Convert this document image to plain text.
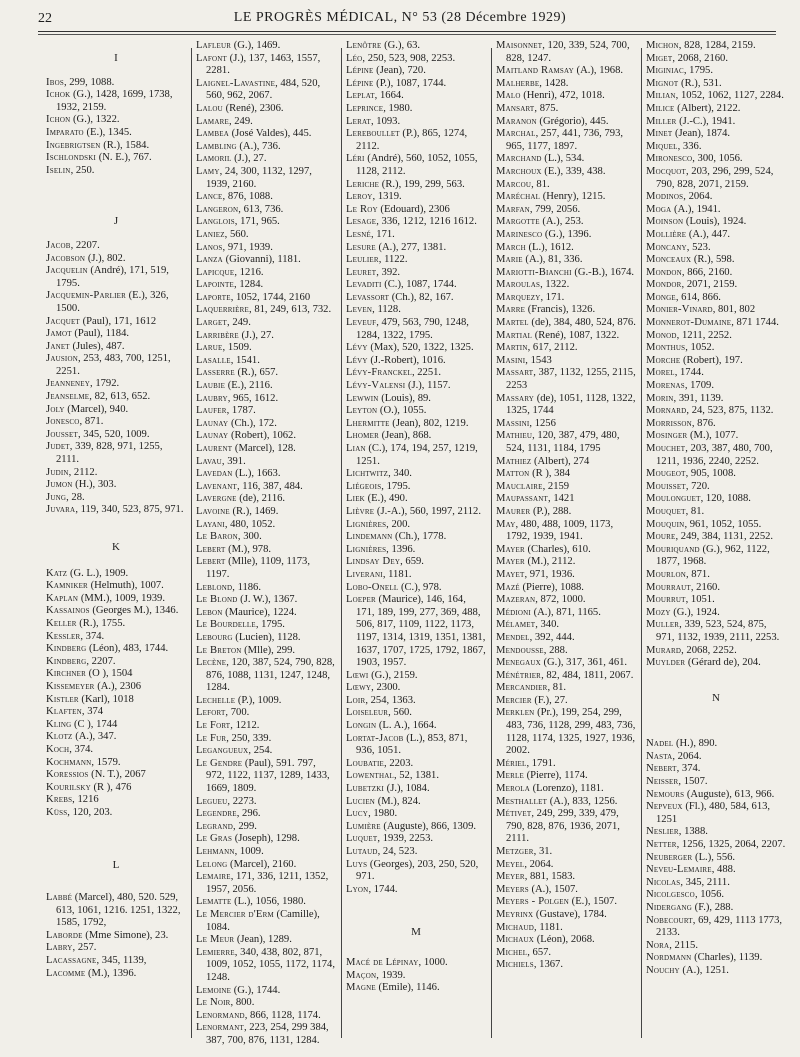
22	LE PROGRÈS MÉDICAL, N° 53 (28 Décembre 1929)

I

Ibos, 299, 1088.

Ichok (G.), 1428, 1699, 1738, 1932, 2159.

Ichon (G.), 1322.

Imparato (E.), 1345.

Ingebrigtsen (R.), 1584.

Ischlondski (N. E.), 767.

Iselin, 250.

J

Jacob, 2207.

Jacobson (J.), 802.

Jacquelin (André), 171, 519, 1795.

Jacquemin-Parlier (E.), 326, 1500.

Jacquet (Paul), 171, 1612

Jamot (Paul), 1184.

Janet (Jules), 487.

Jausion, 253, 483, 700, 1251, 2251.

Jeanneney, 1792.

Jeanselme, 82, 613, 652.

Joly (Marcel), 940.

Jonesco, 871.

Jousset, 345, 520, 1009.

Judet, 339, 828, 971, 1255, 2111.

Judin, 2112.

Jumon (H.), 303.

Jung, 28.

Juvara, 119, 340, 523, 875, 971.

K

Katz (G. L.), 1909.

Kamniker (Helmuth), 1007.

Kaplan (MM.), 1009, 1939.

Kassainos (Georges M.), 1346.

Keller (R.), 1755.

Kessler, 374.

Kindberg (Léon), 483, 1744.

Kindberg, 2207.

Kirchner (O ), 1504

Kissemeyer (A.), 2306

Kistler (Karl), 1018

Klaften, 374

Kling (C ), 1744

Klotz (A.), 347.

Koch, 374.

Kochmann, 1579.

Koressios (N. T.), 2067

Kourilsky (R ), 476

Krebs, 1216

Küss, 120, 203.

L

Labbé (Marcel), 480, 520. 529, 613, 1061, 1216. 1251, 1322, 1585, 1792,

Laborde (Mme Simone), 23.

Labry, 257.

Lacassagne, 345, 1139,

Lacomme (M.), 1396.

Lafleur (G.), 1469.

Lafont (J.), 137, 1463, 1557, 2281.

Laignel-Lavastine, 484, 520, 560, 962, 2067.

Lalou (René), 2306.

Lamare, 249.

Lambea (José Valdes), 445.

Lambling (A.), 736.

Lamoril (J.), 27.

Lamy, 24, 300, 1132, 1297, 1939, 2160.

Lance, 876, 1088.

Langeron, 613, 736.

Langlois, 171, 965.

Laniez, 560.

Lanos, 971, 1939.

Lanza (Giovanni), 1181.

Lapicque, 1216.

Lapointe, 1284.

Laporte, 1052, 1744, 2160

Laquerrière, 81, 249, 613, 732.

Larget, 249.

Larribère (J.), 27.

Larue, 1509.

Lasalle, 1541.

Lasserre (R.), 657.

Laubie (E.), 2116.

Laubry, 965, 1612.

Laufer, 1787.

Launay (Ch.), 172.

Launay (Robert), 1062.

Laurent (Marcel), 128.

Lavau, 391.

Lavedan (L.), 1663.

Lavenant, 116, 387, 484.

Lavergne (de), 2116.

Lavoine (R.), 1469.

Layani, 480, 1052.

Le Baron, 300.

Lebert (M.), 978.

Lebert (Mlle), 1109, 1173, 1197.

Leblond, 1186.

Le Blond (J. W.), 1367.

Lebon (Maurice), 1224.

Le Bourdelle, 1795.

Lebourg (Lucien), 1128.

Le Breton (Mlle), 299.

Lecène, 120, 387, 524, 790, 828, 876, 1088, 1131, 1247, 1248, 1284.

Lechelle (P.), 1009.

Lefort, 700.

Le Fort, 1212.

Le Fur, 250, 339.

Legangueux, 254.

Le Gendre (Paul), 591. 797, 972, 1122, 1137, 1289, 1433, 1669, 1809.

Legueu, 2273.

Legendre, 296.

Legrand, 299.

Le Gras (Joseph), 1298.

Lehmann, 1009.

Lelong (Marcel), 2160.

Lemaire, 171, 336, 1211, 1352, 1957, 2056.

Lematte (L.), 1056, 1980.

Le Mercier d'Erm (Camille), 1084.

Le Meur (Jean), 1289.

Lemierre, 340, 438, 802, 871, 1009, 1052, 1055, 1172, 1174, 1248.

Lemoine (G.), 1744.

Le Noir, 800.

Lenormand, 866, 1128, 1174.

Lenormant, 223, 254, 299 384, 387, 700, 876, 1131, 1284.

Lenôtre (G.), 63.

Léo, 250, 523, 908, 2253.

Lépine (Jean), 720.

Lépine (P.), 1087, 1744.

Leplat, 1664.

Leprince, 1980.

Lerat, 1093.

Lereboullet (P.), 865, 1274, 2112.

Léri (André), 560, 1052, 1055, 1128, 2112.

Leriche (R.), 199, 299, 563.

Leroy, 1319.

Le Roy (Edouard), 2306

Lesage, 336, 1212, 1216 1612.

Lesné, 171.

Lesure (A.), 277, 1381.

Leulier, 1122.

Leuret, 392.

Levaditi (C.), 1087, 1744.

Levassort (Ch.), 82, 167.

Leven, 1128.

Leveuf, 479, 563, 790, 1248, 1284, 1322, 1795.

Lévy (Max), 520, 1322, 1325.

Lévy (J.-Robert), 1016.

Lévy-Franckel, 2251.

Lévy-Valensi (J.), 1157.

Lewwin (Louis), 89.

Leyton (O.), 1055.

Lhermitte (Jean), 802, 1219.

Lhomer (Jean), 868.

Lian (C.), 174, 194, 257, 1219, 1251.

Lichtwitz, 340.

Liégeois, 1795.

Liek (E.), 490.

Lièvre (J.-A.), 560, 1997, 2112.

Lignières, 200.

Lindemann (Ch.), 1778.

Lignières, 1396.

Lindsay Dey, 659.

Liverani, 1181.

Lobo-Onell (C.), 978.

Loeper (Maurice), 146, 164, 171, 189, 199, 277, 369, 488, 506, 817, 1109, 1122, 1173, 1197, 1314, 1319, 1351, 1381, 1637, 1707, 1725, 1792, 1867, 1903, 1957.

Lœwi (G.), 2159.

Lœwy, 2300.

Loir, 254, 1363.

Loiseleur, 560.

Longin (L. A.), 1664.

Lortat-Jacob (L.), 853, 871, 936, 1051.

Loubatie, 2203.

Lowenthal, 52, 1381.

Lubetzki (J.), 1084.

Lucien (M.), 824.

Lucy, 1980.

Lumière (Auguste), 866, 1309.

Luquet, 1939, 2253.

Lutaud, 24, 523.

Luys (Georges), 203, 250, 520, 971.

Lyon, 1744.

M

Macé de Lépinay, 1000.

Maçon, 1939.

Magne (Emile), 1146.

Maisonnet, 120, 339, 524, 700, 828, 1247.

Maitland Ramsay (A.), 1968.

Malherbe, 1428.

Malo (Henri), 472, 1018.

Mansart, 875.

Maranon (Grégorio), 445.

Marchal, 257, 441, 736, 793, 965, 1177, 1897.

Marchand (L.), 534.

Marchoux (E.), 339, 438.

Marcou, 81.

Maréchal (Henry), 1215.

Marfan, 799, 2056.

Margotte (A.), 253.

Marinesco (G.), 1396.

March (L.), 1612.

Marie (A.), 81, 336.

Mariotti-Bianchi (G.-B.), 1674.

Maroulas, 1322.

Marquezy, 171.

Marre (Francis), 1326.

Martel (de), 384, 480, 524, 876.

Martial (René), 1087, 1322.

Martin, 617, 2112.

Masini, 1543

Massart, 387, 1132, 1255, 2115, 2253

Massary (de), 1051, 1128, 1322, 1325, 1744

Massini, 1256

Mathieu, 120, 387, 479, 480, 524, 1131, 1184, 1795

Mathiez (Albert), 274

Matton (R ), 384

Mauclaire, 2159

Maupassant, 1421

Maurer (P.), 288.

May, 480, 488, 1009, 1173, 1792, 1939, 1941.

Mayer (Charles), 610.

Mayer (M.), 2112.

Mayet, 971, 1936.

Mazé (Pierre), 1088.

Mazeran, 872, 1000.

Médioni (A.), 871, 1165.

Mélamet, 340.

Mendel, 392, 444.

Mendousse, 288.

Menegaux (G.), 317, 361, 461.

Ménétrier, 82, 484, 1811, 2067.

Mercandier, 81.

Mercier (F.), 27.

Merklen (Pr.), 199, 254, 299, 483, 736, 1128, 299, 483, 736, 1128, 1174, 1325, 1927, 1936, 2002.

Mériel, 1791.

Merle (Pierre), 1174.

Merola (Lorenzo), 1181.

Mesthallet (A.), 833, 1256.

Métivet, 249, 299, 339, 479, 790, 828, 876, 1936, 2071, 2111.

Metzger, 31.

Meyel, 2064.

Meyer, 881, 1583.

Meyers (A.), 1507.

Meyers - Polgen (E.), 1507.

Meyrinx (Gustave), 1784.

Michaud, 1181.

Michaux (Léon), 2068.

Michel, 657.

Michiels, 1367.

Michon, 828, 1284, 2159.

Miget, 2068, 2160.

Miginiac, 1795.

Mignot (R.), 531.

Milian, 1052, 1062, 1127, 2284.

Milice (Albert), 2122.

Miller (J.-C.), 1941.

Minet (Jean), 1874.

Miquel, 336.

Mironesco, 300, 1056.

Mocquot, 203, 296, 299, 524, 790, 828, 2071, 2159.

Modinos, 2064.

Moga (A.), 1941.

Moinson (Louis), 1924.

Mollière (A.), 447.

Moncany, 523.

Monceaux (R.), 598.

Mondon, 866, 2160.

Mondor, 2071, 2159.

Monge, 614, 866.

Monier-Vinard, 801, 802

Monnerot-Dumaine, 871 1744.

Monod, 1211, 2252.

Monthus, 1052.

Morche (Robert), 197.

Morel, 1744.

Morenas, 1709.

Morin, 391, 1139.

Mornard, 24, 523, 875, 1132.

Morrisson, 876.

Mosinger (M.), 1077.

Mouchet, 203, 387, 480, 700, 1211, 1936, 2240, 2252.

Mougeot, 905, 1008.

Mouisset, 720.

Moulonguet, 120, 1088.

Mouquet, 81.

Mouquin, 961, 1052, 1055.

Moure, 249, 384, 1131, 2252.

Mouriquand (G.), 962, 1122, 1877, 1968.

Mourlon, 871.

Mourraut, 2160.

Mourrut, 1051.

Mozy (G.), 1924.

Muller, 339, 523, 524, 875, 971, 1132, 1939, 2111, 2253.

Murard, 2068, 2252.

Muylder (Gérard de), 204.

N

Nadel (H.), 890.

Nasta, 2064.

Nebert, 374.

Neisser, 1507.

Nemours (Auguste), 613, 966.

Nepveux (Fl.), 480, 584, 613, 1251

Neslier, 1388.

Netter, 1256, 1325, 2064, 2207.

Neuberger (L.), 556.

Neveu-Lemaire, 488.

Nicolas, 345, 2111.

Nicolgesco, 1056.

Nidergang (F.), 288.

Nobecourt, 69, 429, 1113 1773, 2133.

Nora, 2115.

Nordmann (Charles), 1139.

Nouchy (A.), 1251.
